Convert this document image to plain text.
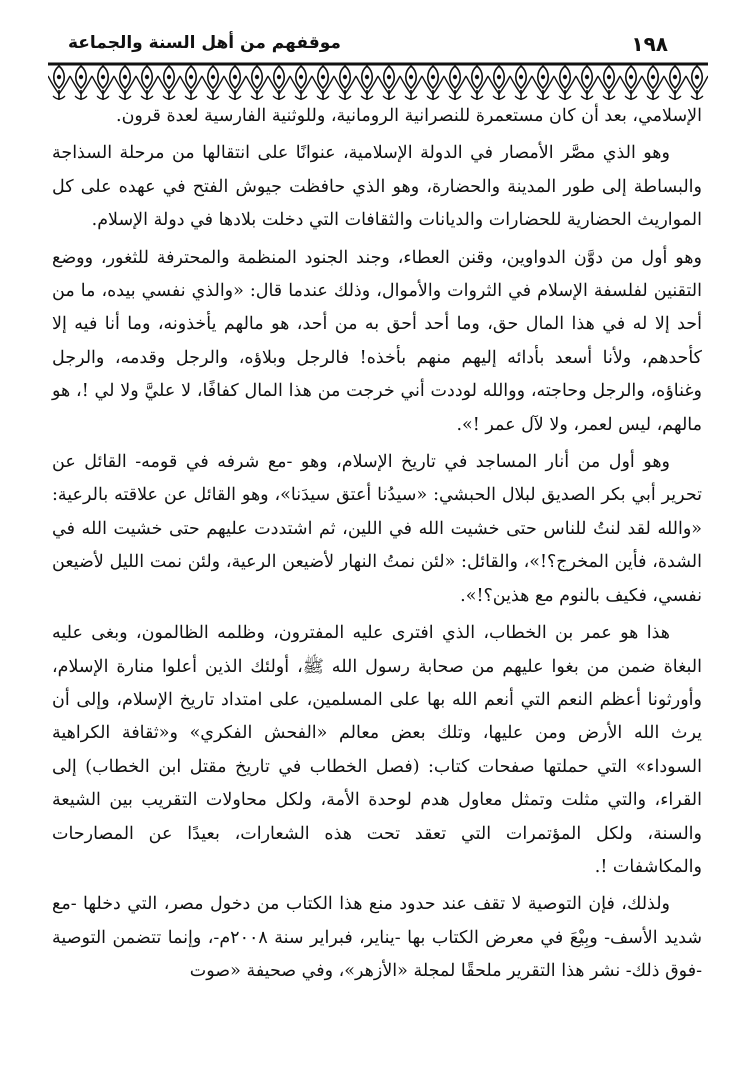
١٩٨
موقفهم من أهل السنة والجماعة

الإسلامي، بعد أن كان مستعمرة للنصرانية الرومانية، وللوثنية الفارسية لعدة قرون.

وهو الذي مصَّر الأمصار في الدولة الإسلامية، عنوانًا على انتقالها من مرحلة السذاجة والبساطة إلى طور المدينة والحضارة، وهو الذي حافظت جيوش الفتح في عهده على كل المواريث الحضارية للحضارات والديانات والثقافات التي دخلت بلادها في دولة الإسلام.

وهو أول من دوَّن الدواوين، وقنن العطاء، وجند الجنود المنظمة والمحترفة للثغور، ووضع التقنين لفلسفة الإسلام في الثروات والأموال، وذلك عندما قال: «والذي نفسي بيده، ما من أحد إلا له في هذا المال حق، وما أحد أحق به من أحد، هو مالهم يأخذونه، وما أنا فيه إلا كأحدهم، ولأنا أسعد بأدائه إليهم منهم بأخذه! فالرجل وبلاؤه، والرجل وقدمه، والرجل وغناؤه، والرجل وحاجته، ووالله لوددت أني خرجت من هذا المال كفافًا، لا عليَّ ولا لي !، هو مالهم، ليس لعمر، ولا لآل عمر !».

وهو أول من أنار المساجد في تاريخ الإسلام، وهو -مع شرفه في قومه- القائل عن تحرير أبي بكر الصديق لبلال الحبشي: «سيدُنا أعتق سيدَنا»، وهو القائل عن علاقته بالرعية: «والله لقد لنتُ للناس حتى خشيت الله في اللين، ثم اشتددت عليهم حتى خشيت الله في الشدة، فأين المخرج؟!»، والقائل: «لئن نمتُ النهار لأضيعن الرعية، ولئن نمت الليل لأضيعن نفسي، فكيف بالنوم مع هذين؟!».

هذا هو عمر بن الخطاب، الذي افترى عليه المفترون، وظلمه الظالمون، وبغى عليه البغاة ضمن من بغوا عليهم من صحابة رسول الله ﷺ، أولئك الذين أعلوا منارة الإسلام، وأورثونا أعظم النعم التي أنعم الله بها على المسلمين، على امتداد تاريخ الإسلام، وإلى أن يرث الله الأرض ومن عليها، وتلك بعض معالم «الفحش الفكري» و«ثقافة الكراهية السوداء» التي حملتها صفحات كتاب: (فصل الخطاب في تاريخ مقتل ابن الخطاب) إلى القراء، والتي مثلت وتمثل معاول هدم لوحدة الأمة، ولكل محاولات التقريب بين الشيعة والسنة، ولكل المؤتمرات التي تعقد تحت هذه الشعارات، بعيدًا عن المصارحات والمكاشفات !.

ولذلك، فإن التوصية لا تقف عند حدود منع هذا الكتاب من دخول مصر، التي دخلها -مع شديد الأسف- وبِيْعَ في معرض الكتاب بها -يناير، فبراير سنة ٢٠٠٨م-، وإنما تتضمن التوصية -فوق ذلك- نشر هذا التقرير ملحقًا لمجلة «الأزهر»، وفي صحيفة «صوت
